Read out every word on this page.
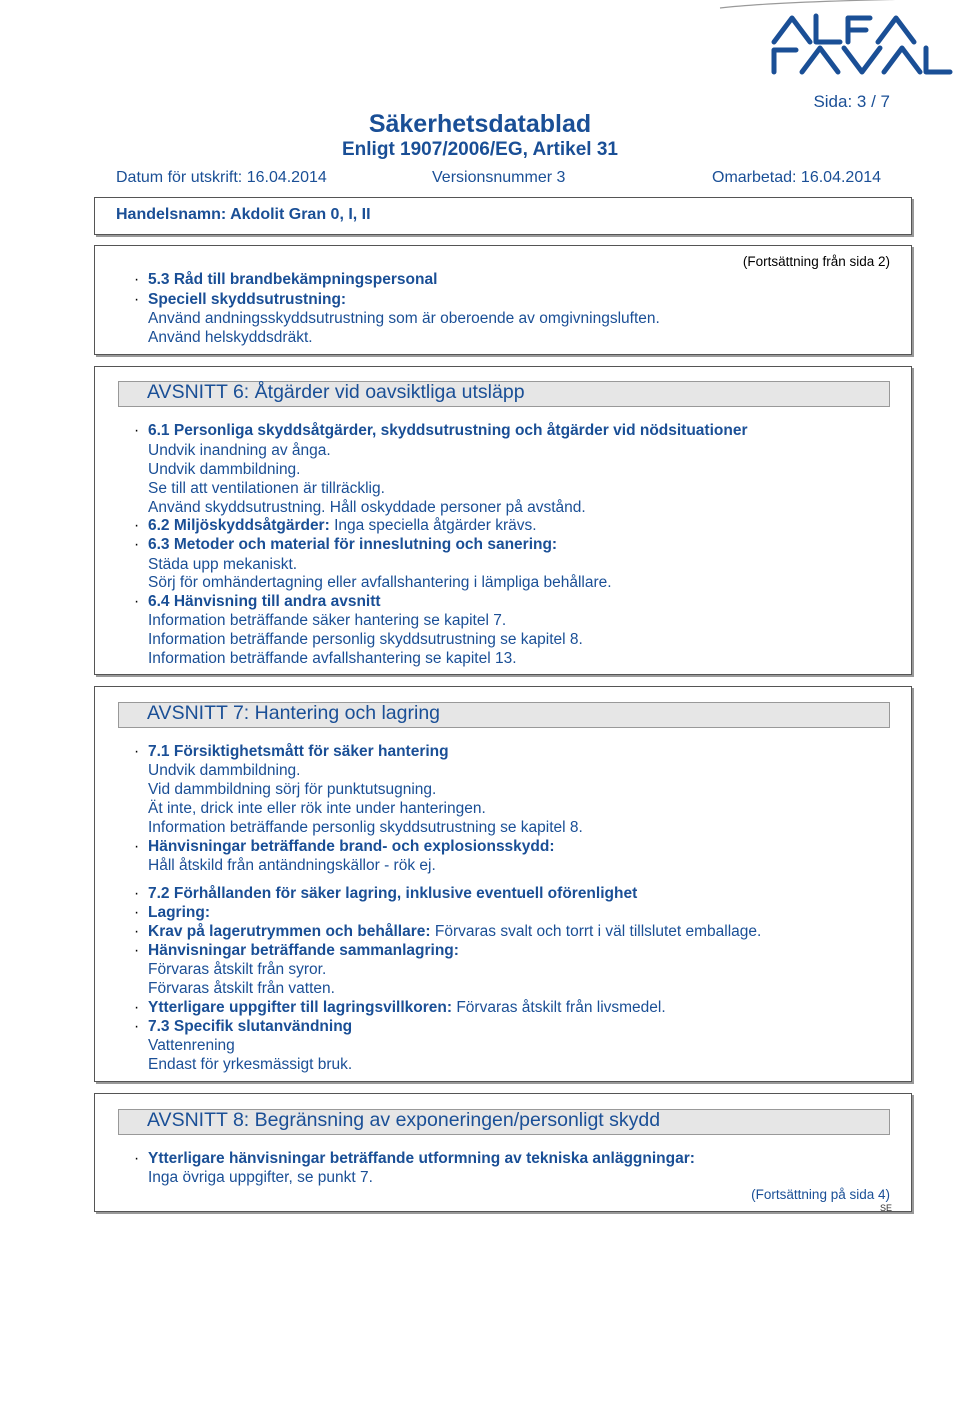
Sida: 3 / 7
Säkerhetsdatablad
Enligt 1907/2006/EG, Artikel 31
Datum för utskrift: 16.04.2014	Versionsnummer 3	Omarbetad: 16.04.2014
Handelsnamn: Akdolit Gran 0, I, II
(Fortsättning från sida 2)
· 5.3 Råd till brandbekämpningspersonal
· Speciell skyddsutrustning:
Använd andningsskyddsutrustning som är oberoende av omgivningsluften.
Använd helskyddsdräkt.
AVSNITT 6: Åtgärder vid oavsiktliga utsläpp
· 6.1 Personliga skyddsåtgärder, skyddsutrustning och åtgärder vid nödsituationer
Undvik inandning av ånga.
Undvik dammbildning.
Se till att ventilationen är tillräcklig.
Använd skyddsutrustning. Håll oskyddade personer på avstånd.
· 6.2 Miljöskyddsåtgärder: Inga speciella åtgärder krävs.
· 6.3 Metoder och material för inneslutning och sanering:
Städa upp mekaniskt.
Sörj för omhändertagning eller avfallshantering i lämpliga behållare.
· 6.4 Hänvisning till andra avsnitt
Information beträffande säker hantering se kapitel 7.
Information beträffande personlig skyddsutrustning se kapitel 8.
Information beträffande avfallshantering se kapitel 13.
AVSNITT 7: Hantering och lagring
· 7.1 Försiktighetsmått för säker hantering
Undvik dammbildning.
Vid dammbildning sörj för punktutsugning.
Ät inte, drick inte eller rök inte under hanteringen.
Information beträffande personlig skyddsutrustning se kapitel 8.
· Hänvisningar beträffande brand- och explosionsskydd:
Håll åtskild från antändningskällor - rök ej.
· 7.2 Förhållanden för säker lagring, inklusive eventuell oförenlighet
· Lagring:
· Krav på lagerutrymmen och behållare: Förvaras svalt och torrt i väl tillslutet emballage.
· Hänvisningar beträffande sammanlagring:
Förvaras åtskilt från syror.
Förvaras åtskilt från vatten.
· Ytterligare uppgifter till lagringsvillkoren: Förvaras åtskilt från livsmedel.
· 7.3 Specifik slutanvändning
Vattenrening
Endast för yrkesmässigt bruk.
AVSNITT 8: Begränsning av exponeringen/personligt skydd
· Ytterligare hänvisningar beträffande utformning av tekniska anläggningar:
Inga övriga uppgifter, se punkt 7.
(Fortsättning på sida 4)
SE
